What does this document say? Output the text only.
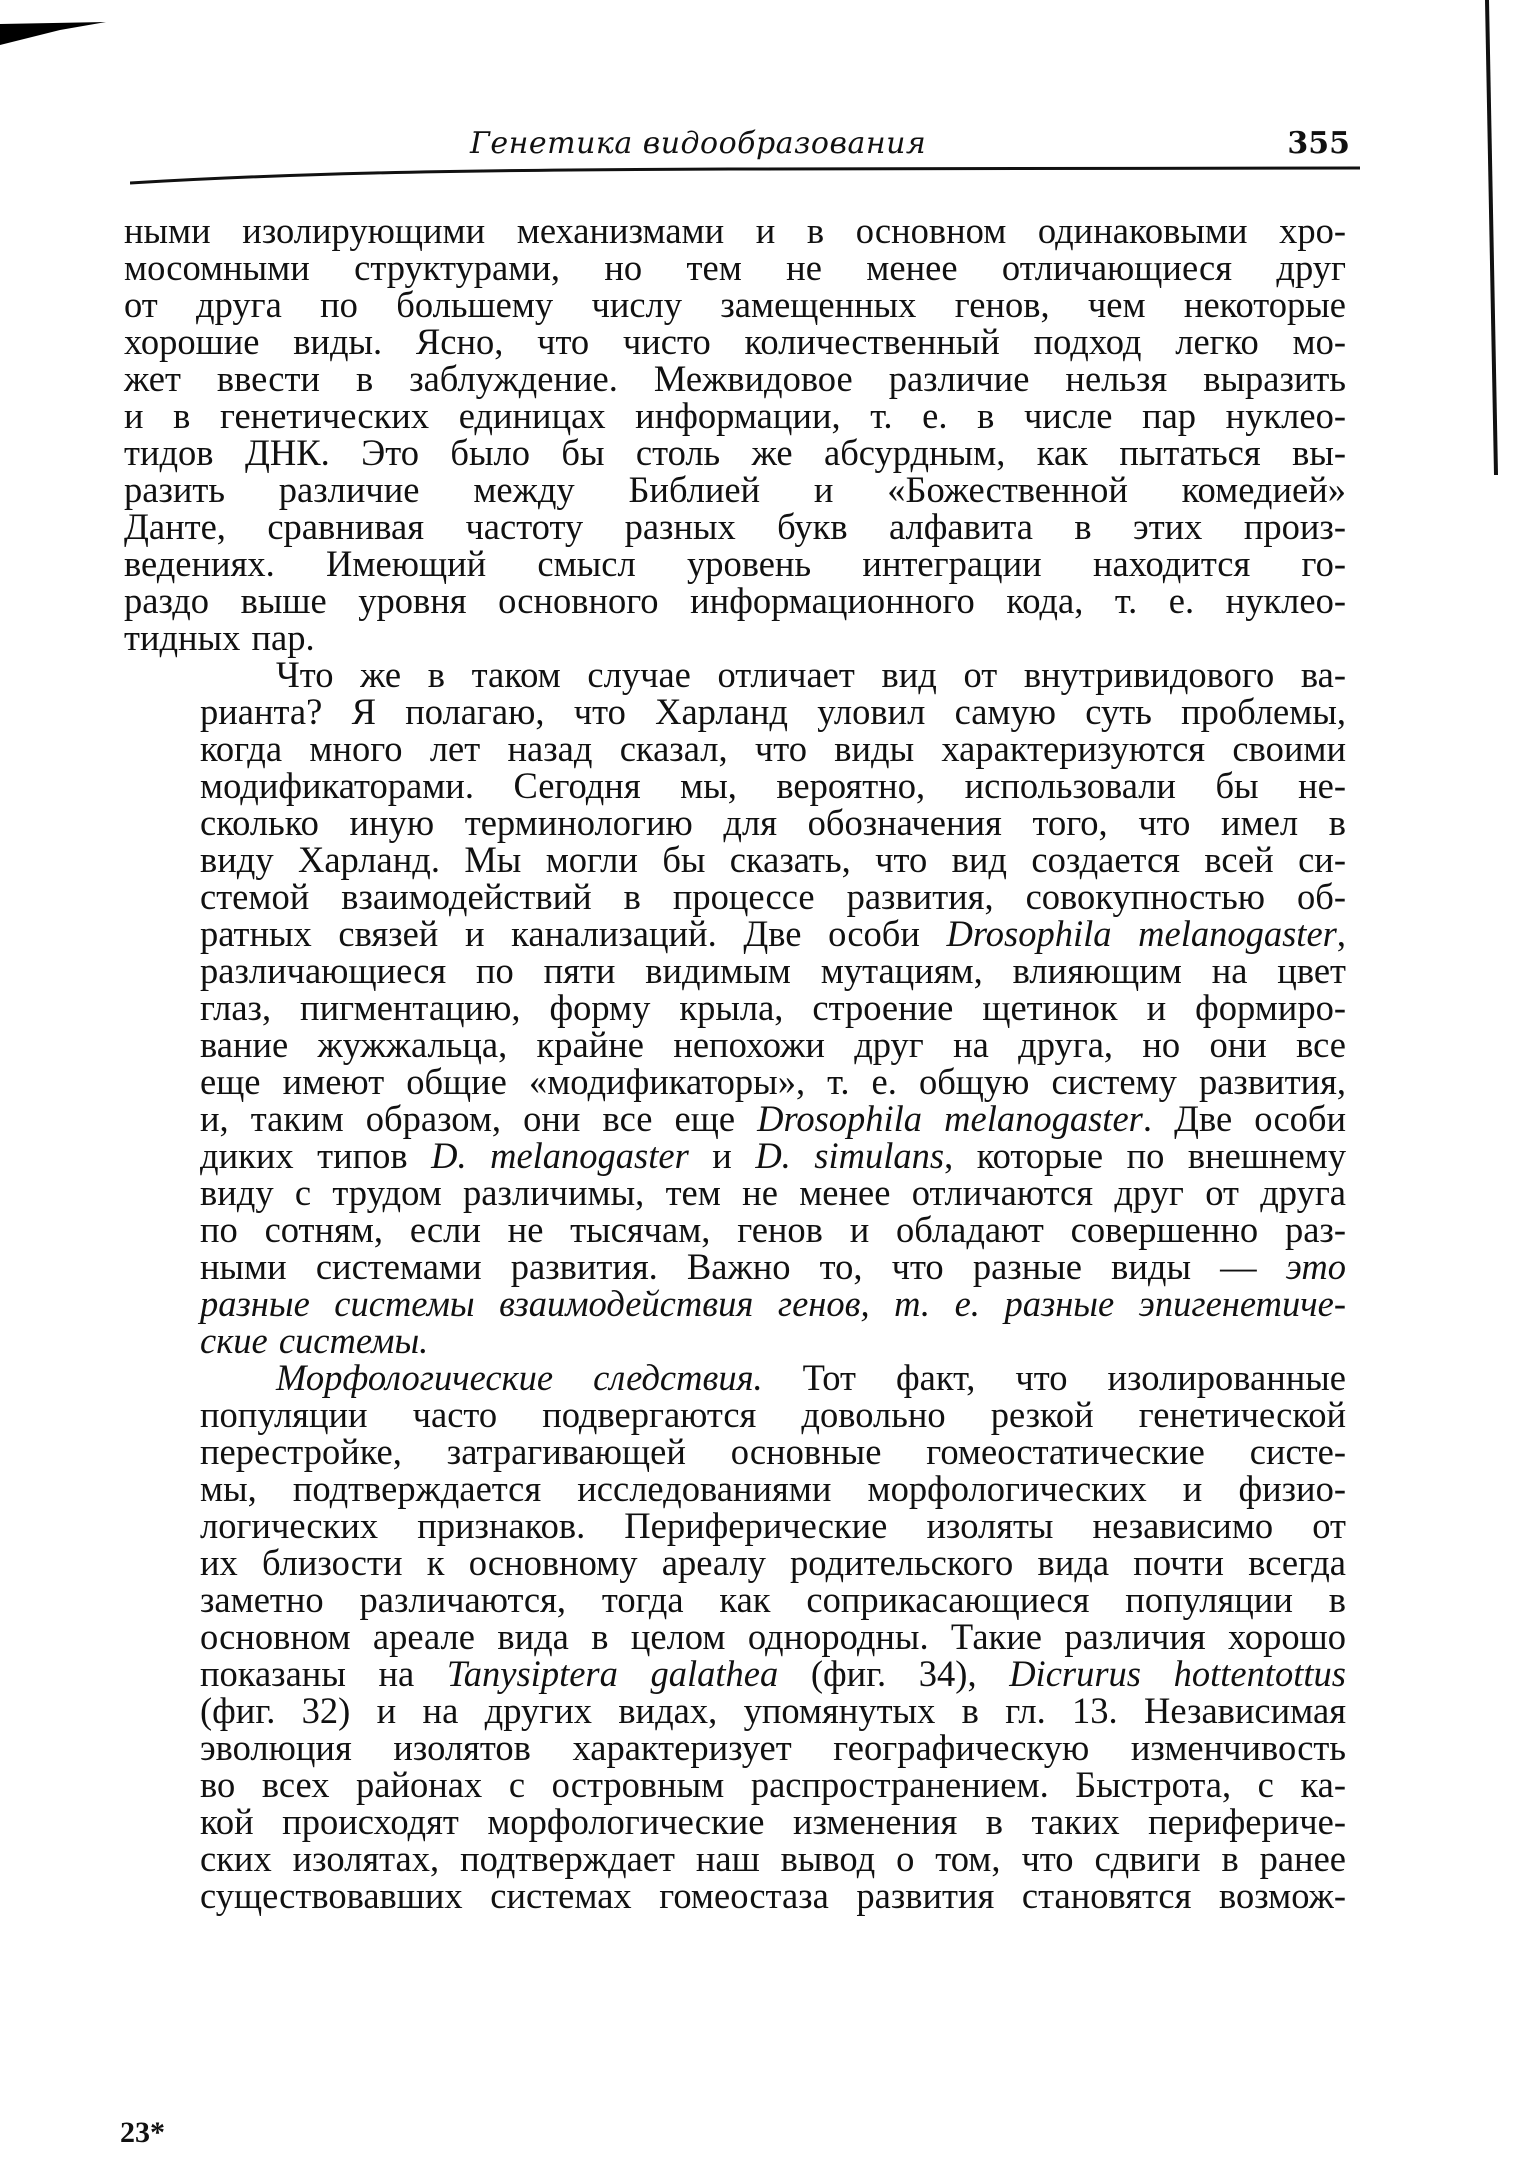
Генетика видообразования	355
ными изолирующими механизмами и в основном одинаковыми хро-
мосомными структурами, но тем не менее отличающиеся друг
от друга по большему числу замещенных генов, чем некоторые
хорошие виды. Ясно, что чисто количественный подход легко мо-
жет ввести в заблуждение. Межвидовое различие нельзя выразить
и в генетических единицах информации, т. е. в числе пар нуклео-
тидов ДНК. Это было бы столь же абсурдным, как пытаться вы-
разить различие между Библией и «Божественной комедией»
Данте, сравнивая частоту разных букв алфавита в этих произ-
ведениях. Имеющий смысл уровень интеграции находится го-
раздо выше уровня основного информационного кода, т. е. нуклео-
тидных пар.
Что же в таком случае отличает вид от внутривидового ва-
рианта? Я полагаю, что Харланд уловил самую суть проблемы,
когда много лет назад сказал, что виды характеризуются своими
модификаторами. Сегодня мы, вероятно, использовали бы не-
сколько иную терминологию для обозначения того, что имел в
виду Харланд. Мы могли бы сказать, что вид создается всей си-
стемой взаимодействий в процессе развития, совокупностью об-
ратных связей и канализаций. Две особи Drosophila melanogaster,
различающиеся по пяти видимым мутациям, влияющим на цвет
глаз, пигментацию, форму крыла, строение щетинок и формиро-
вание жужжальца, крайне непохожи друг на друга, но они все
еще имеют общие «модификаторы», т. е. общую систему развития,
и, таким образом, они все еще Drosophila melanogaster. Две особи
диких типов D. melanogaster и D. simulans, которые по внешнему
виду с трудом различимы, тем не менее отличаются друг от друга
по сотням, если не тысячам, генов и обладают совершенно раз-
ными системами развития. Важно то, что разные виды — это
разные системы взаимодействия генов, т. е. разные эпигенетиче-
ские системы.
Морфологические следствия. Тот факт, что изолированные
популяции часто подвергаются довольно резкой генетической
перестройке, затрагивающей основные гомеостатические систе-
мы, подтверждается исследованиями морфологических и физио-
логических признаков. Периферические изоляты независимо от
их близости к основному ареалу родительского вида почти всегда
заметно различаются, тогда как соприкасающиеся популяции в
основном ареале вида в целом однородны. Такие различия хорошо
показаны на Tanysiptera galathea (фиг. 34), Dicrurus hottentottus
(фиг. 32) и на других видах, упомянутых в гл. 13. Независимая
эволюция изолятов характеризует географическую изменчивость
во всех районах с островным распространением. Быстрота, с ка-
кой происходят морфологические изменения в таких перифериче-
ских изолятах, подтверждает наш вывод о том, что сдвиги в ранее
существовавших системах гомеостаза развития становятся возмож-
23*
